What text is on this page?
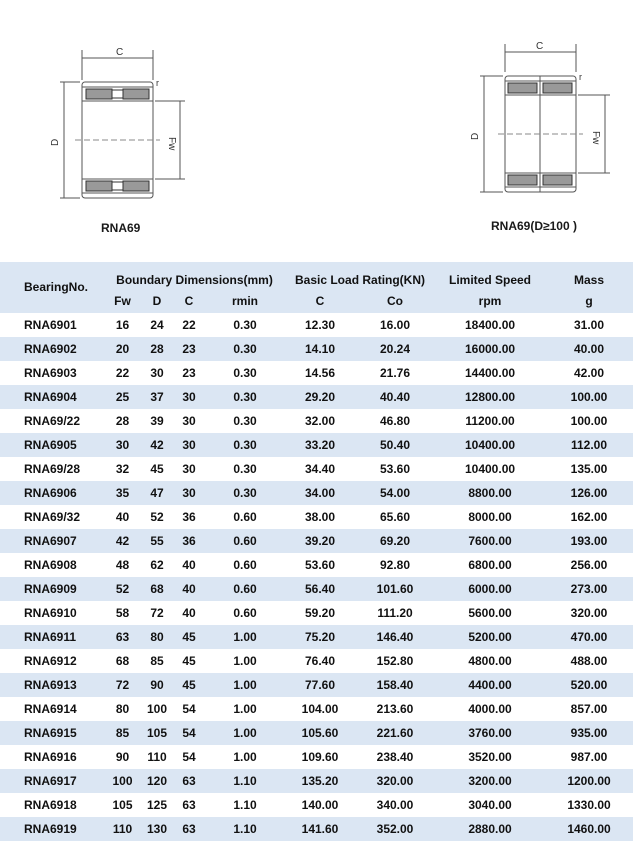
C
r
D	Fw
C
r
D	Fw
RNA69	RNA69(D≥100 )
BearingNo.	Boundary Dimensions(mm)				Basic Load Rating(KN)		Limited Speed	Mass
	Fw	D	C	rmin	C	Co	rpm	g
RNA6901	16	24	22	0.30	12.30	16.00	18400.00	31.00
RNA6902	20	28	23	0.30	14.10	20.24	16000.00	40.00
RNA6903	22	30	23	0.30	14.56	21.76	14400.00	42.00
RNA6904	25	37	30	0.30	29.20	40.40	12800.00	100.00
RNA69/22	28	39	30	0.30	32.00	46.80	11200.00	100.00
RNA6905	30	42	30	0.30	33.20	50.40	10400.00	112.00
RNA69/28	32	45	30	0.30	34.40	53.60	10400.00	135.00
RNA6906	35	47	30	0.30	34.00	54.00	8800.00	126.00
RNA69/32	40	52	36	0.60	38.00	65.60	8000.00	162.00
RNA6907	42	55	36	0.60	39.20	69.20	7600.00	193.00
RNA6908	48	62	40	0.60	53.60	92.80	6800.00	256.00
RNA6909	52	68	40	0.60	56.40	101.60	6000.00	273.00
RNA6910	58	72	40	0.60	59.20	111.20	5600.00	320.00
RNA6911	63	80	45	1.00	75.20	146.40	5200.00	470.00
RNA6912	68	85	45	1.00	76.40	152.80	4800.00	488.00
RNA6913	72	90	45	1.00	77.60	158.40	4400.00	520.00
RNA6914	80	100	54	1.00	104.00	213.60	4000.00	857.00
RNA6915	85	105	54	1.00	105.60	221.60	3760.00	935.00
RNA6916	90	110	54	1.00	109.60	238.40	3520.00	987.00
RNA6917	100	120	63	1.10	135.20	320.00	3200.00	1200.00
RNA6918	105	125	63	1.10	140.00	340.00	3040.00	1330.00
RNA6919	110	130	63	1.10	141.60	352.00	2880.00	1460.00
